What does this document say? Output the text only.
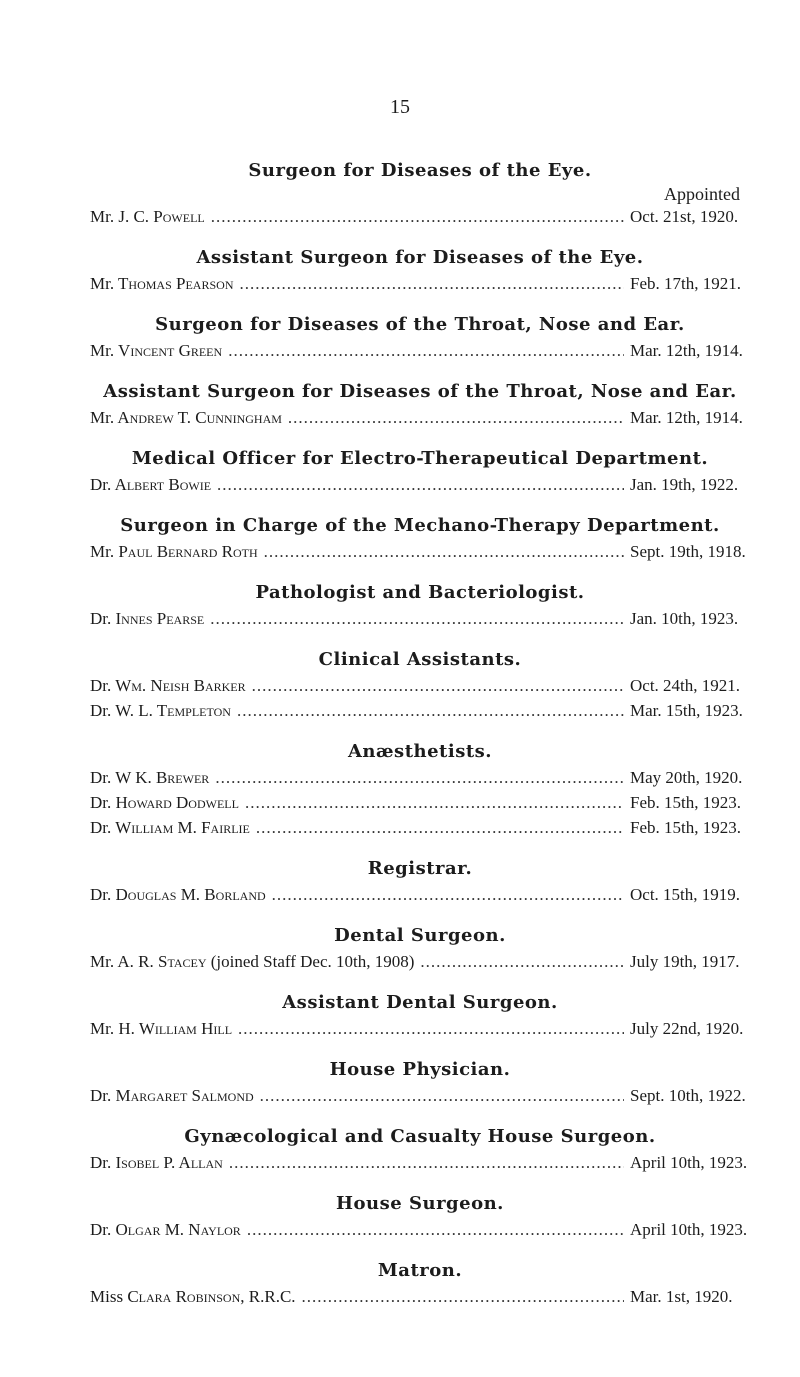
15
Surgeon for Diseases of the Eye.
Appointed
Mr. J. C. Powell .....	Oct. 21st, 1920.
Assistant Surgeon for Diseases of the Eye.
Mr. Thomas Pearson .....	Feb. 17th, 1921.
Surgeon for Diseases of the Throat, Nose and Ear.
Mr. Vincent Green .....	Mar. 12th, 1914.
Assistant Surgeon for Diseases of the Throat, Nose and Ear.
Mr. Andrew T. Cunningham .....	Mar. 12th, 1914.
Medical Officer for Electro-Therapeutical Department.
Dr. Albert Bowie .....	Jan. 19th, 1922.
Surgeon in Charge of the Mechano-Therapy Department.
Mr. Paul Bernard Roth .....	Sept. 19th, 1918.
Pathologist and Bacteriologist.
Dr. Innes Pearse .....	Jan. 10th, 1923.
Clinical Assistants.
Dr. Wm. Neish Barker .....	Oct. 24th, 1921.
Dr. W. L. Templeton .....	Mar. 15th, 1923.
Anæsthetists.
Dr. W K. Brewer .....	May 20th, 1920.
Dr. Howard Dodwell .....	Feb. 15th, 1923.
Dr. William M. Fairlie .....	Feb. 15th, 1923.
Registrar.
Dr. Douglas M. Borland .....	Oct. 15th, 1919.
Dental Surgeon.
Mr. A. R. Stacey (joined Staff Dec. 10th, 1908) .....	July 19th, 1917.
Assistant Dental Surgeon.
Mr. H. William Hill .....	July 22nd, 1920.
House Physician.
Dr. Margaret Salmond .....	Sept. 10th, 1922.
Gynæcological and Casualty House Surgeon.
Dr. Isobel P. Allan .....	April 10th, 1923.
House Surgeon.
Dr. Olgar M. Naylor .....	April 10th, 1923.
Matron.
Miss Clara Robinson, R.R.C. .....	Mar. 1st, 1920.
